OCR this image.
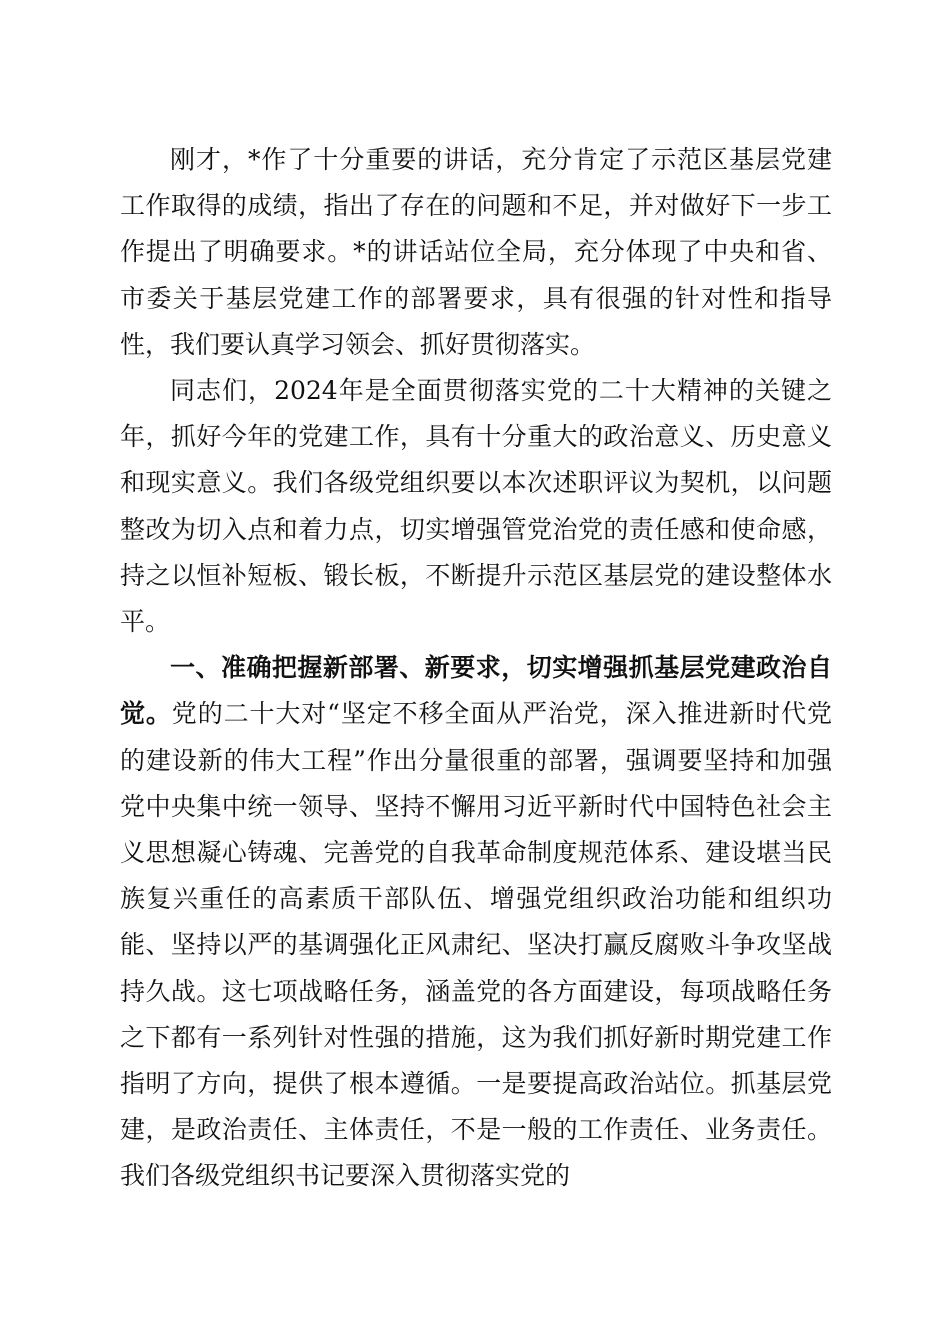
刚才，*作了十分重要的讲话，充分肯定了示范区基层党建工作取得的成绩，指出了存在的问题和不足，并对做好下一步工作提出了明确要求。*的讲话站位全局，充分体现了中央和省、市委关于基层党建工作的部署要求，具有很强的针对性和指导性，我们要认真学习领会、抓好贯彻落实。

同志们，2024年是全面贯彻落实党的二十大精神的关键之年，抓好今年的党建工作，具有十分重大的政治意义、历史意义和现实意义。我们各级党组织要以本次述职评议为契机，以问题整改为切入点和着力点，切实增强管党治党的责任感和使命感，持之以恒补短板、锻长板，不断提升示范区基层党的建设整体水平。

一、准确把握新部署、新要求，切实增强抓基层党建政治自觉。党的二十大对“坚定不移全面从严治党，深入推进新时代党的建设新的伟大工程”作出分量很重的部署，强调要坚持和加强党中央集中统一领导、坚持不懈用习近平新时代中国特色社会主义思想凝心铸魂、完善党的自我革命制度规范体系、建设堪当民族复兴重任的高素质干部队伍、增强党组织政治功能和组织功能、坚持以严的基调强化正风肃纪、坚决打赢反腐败斗争攻坚战持久战。这七项战略任务，涵盖党的各方面建设，每项战略任务之下都有一系列针对性强的措施，这为我们抓好新时期党建工作指明了方向，提供了根本遵循。一是要提高政治站位。抓基层党建，是政治责任、主体责任，不是一般的工作责任、业务责任。我们各级党组织书记要深入贯彻落实党的
